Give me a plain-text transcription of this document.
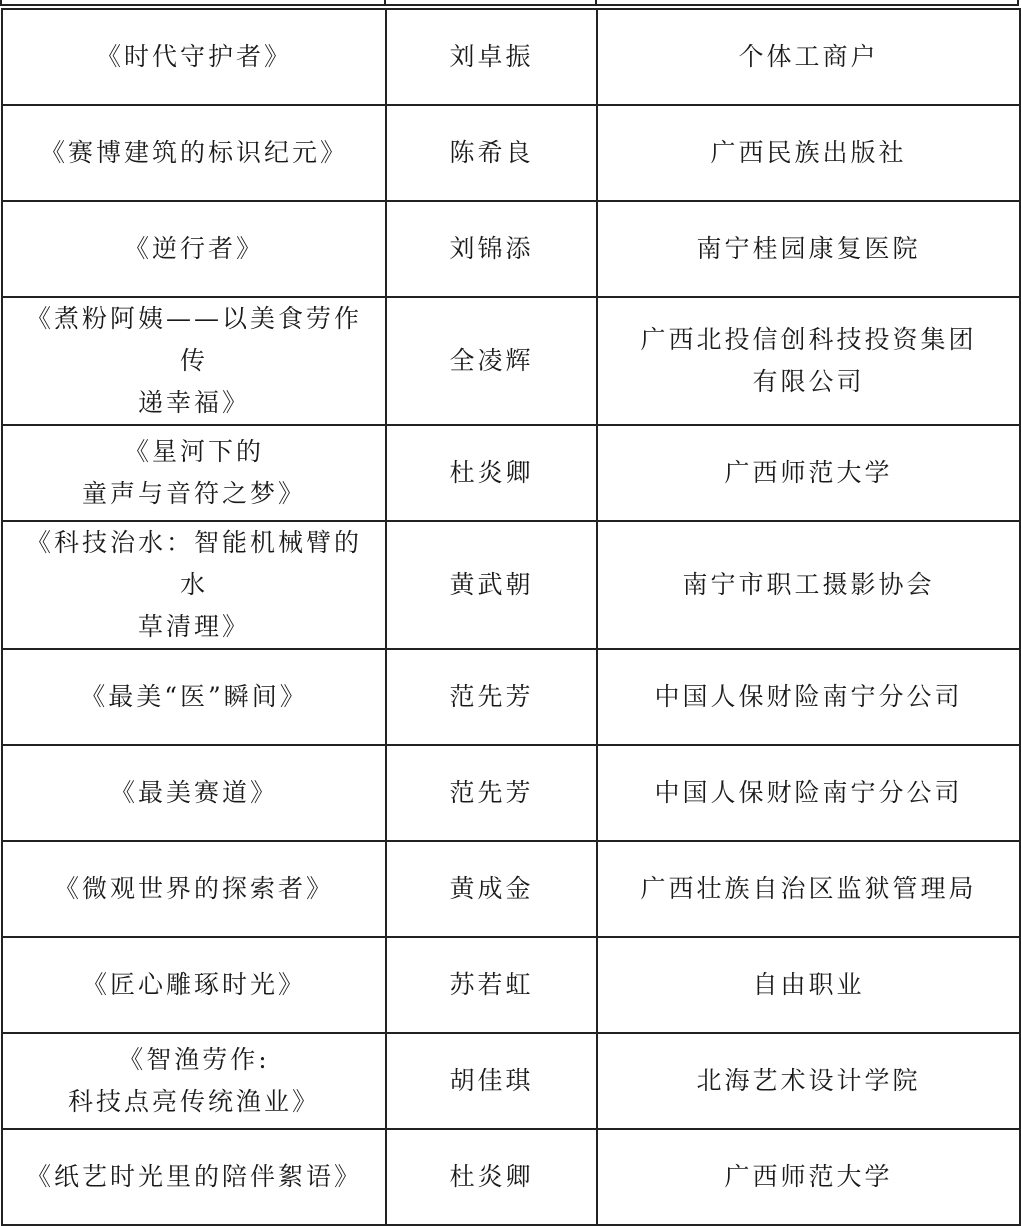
《时代守护者》	刘卓振	个体工商户

《赛博建筑的标识纪元》	陈希良	广西民族出版社

《逆行者》	刘锦添	南宁桂园康复医院

《煮粉阿姨——以美食劳作传
递幸福》	全凌辉	广西北投信创科技投资集团
有限公司

《星河下的
童声与音符之梦》	杜炎卿	广西师范大学

《科技治水：智能机械臂的水
草清理》	黄武朝	南宁市职工摄影协会

《最美“医”瞬间》	范先芳	中国人保财险南宁分公司

《最美赛道》	范先芳	中国人保财险南宁分公司

《微观世界的探索者》	黄成金	广西壮族自治区监狱管理局

《匠心雕琢时光》	苏若虹	自由职业

《智渔劳作:
科技点亮传统渔业》	胡佳琪	北海艺术设计学院

《纸艺时光里的陪伴絮语》	杜炎卿	广西师范大学
